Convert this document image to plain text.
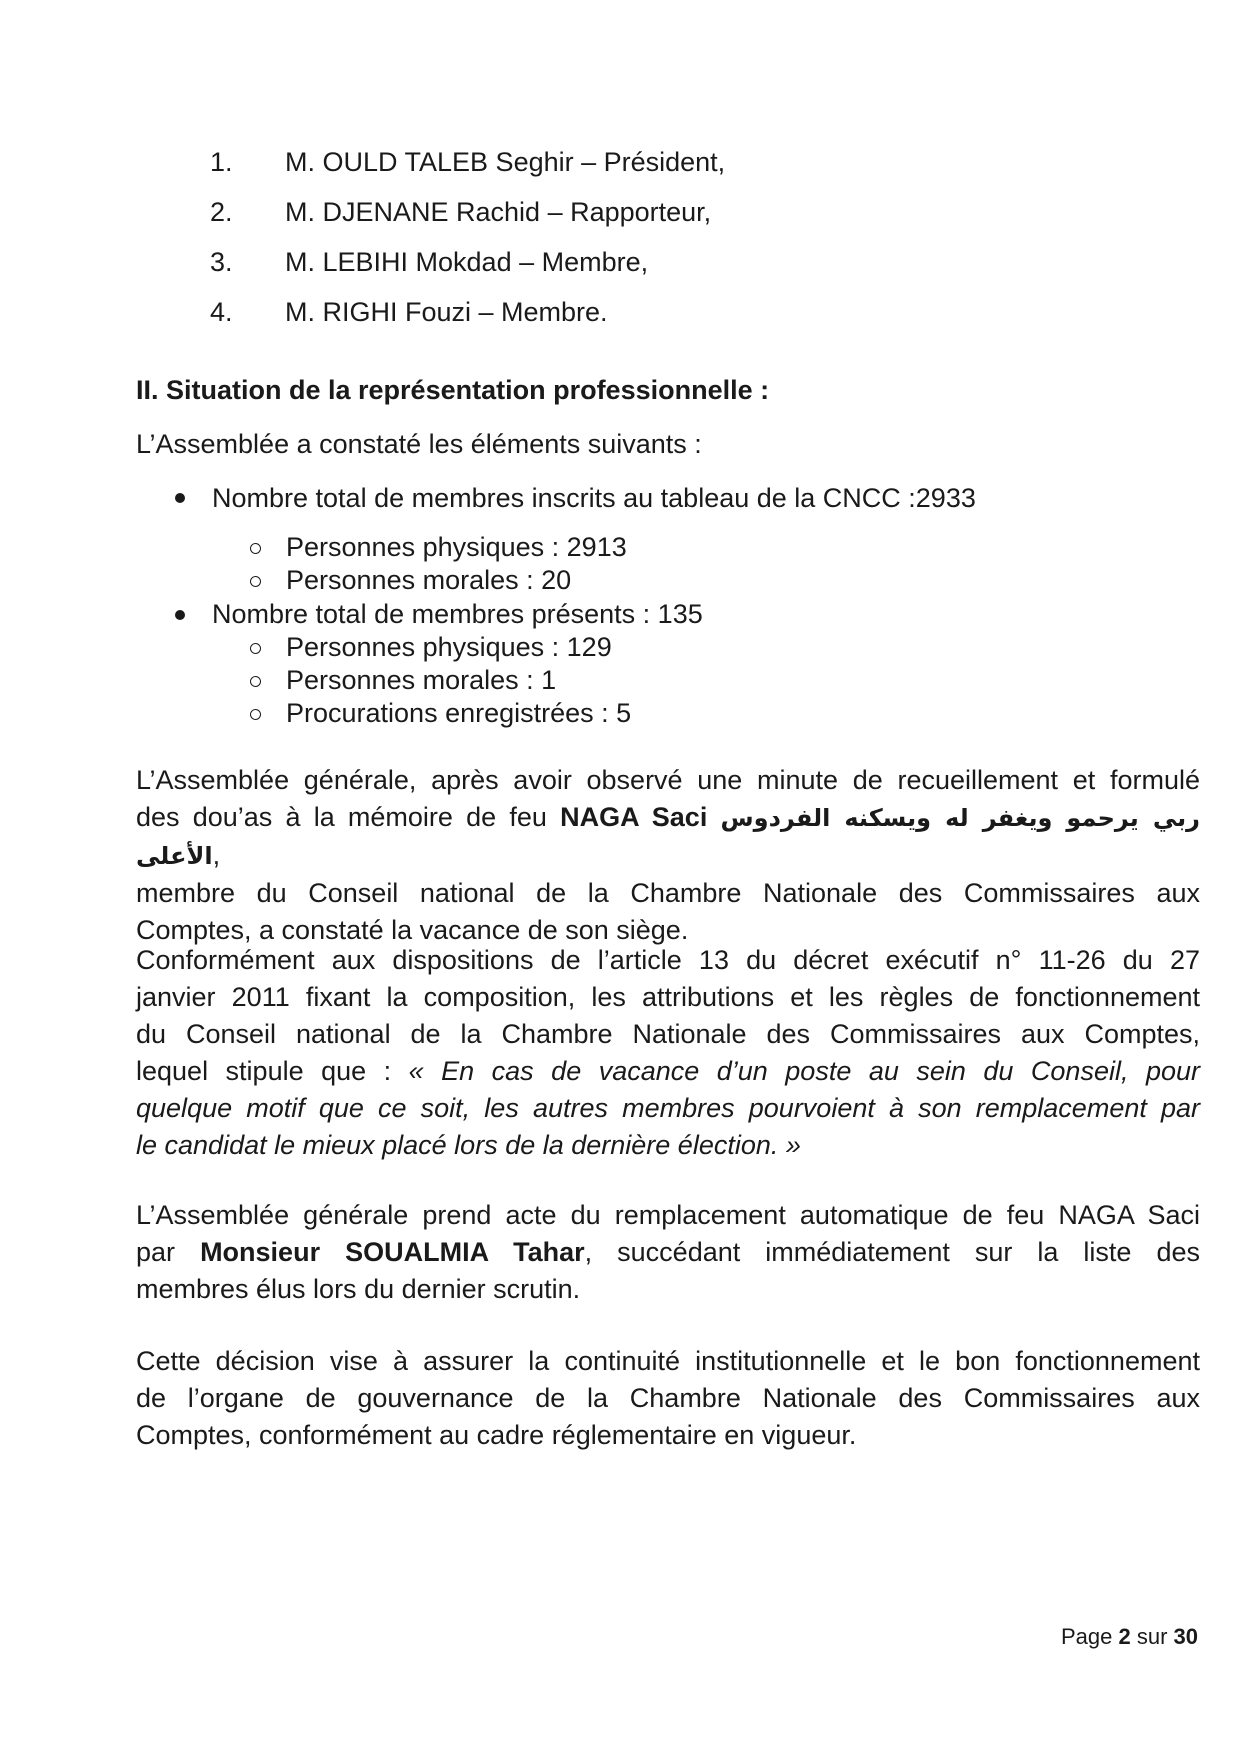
1. M. OULD TALEB Seghir – Président,
2. M. DJENANE Rachid – Rapporteur,
3. M. LEBIHI Mokdad – Membre,
4. M. RIGHI Fouzi – Membre.
II. Situation de la représentation professionnelle :
L’Assemblée a constaté les éléments suivants :
Nombre total de membres inscrits au tableau de la CNCC :2933
Personnes physiques : 2913
Personnes morales : 20
Nombre total de membres présents : 135
Personnes physiques : 129
Personnes morales : 1
Procurations enregistrées : 5
L’Assemblée générale, après avoir observé une minute de recueillement et formulé
des dou’as à la mémoire de feu NAGA Saci ربي يرحمو ويغفر له ويسكنه الفردوس الأعلى,
membre du Conseil national de la Chambre Nationale des Commissaires aux
Comptes, a constaté la vacance de son siège.
Conformément aux dispositions de l’article 13 du décret exécutif n° 11-26 du 27
janvier 2011 fixant la composition, les attributions et les règles de fonctionnement
du Conseil national de la Chambre Nationale des Commissaires aux Comptes,
lequel stipule que : « En cas de vacance d’un poste au sein du Conseil, pour
quelque motif que ce soit, les autres membres pourvoient à son remplacement par
le candidat le mieux placé lors de la dernière élection. »
L’Assemblée générale prend acte du remplacement automatique de feu NAGA Saci
par Monsieur SOUALMIA Tahar, succédant immédiatement sur la liste des
membres élus lors du dernier scrutin.
Cette décision vise à assurer la continuité institutionnelle et le bon fonctionnement
de l’organe de gouvernance de la Chambre Nationale des Commissaires aux
Comptes, conformément au cadre réglementaire en vigueur.
Page 2 sur 30
